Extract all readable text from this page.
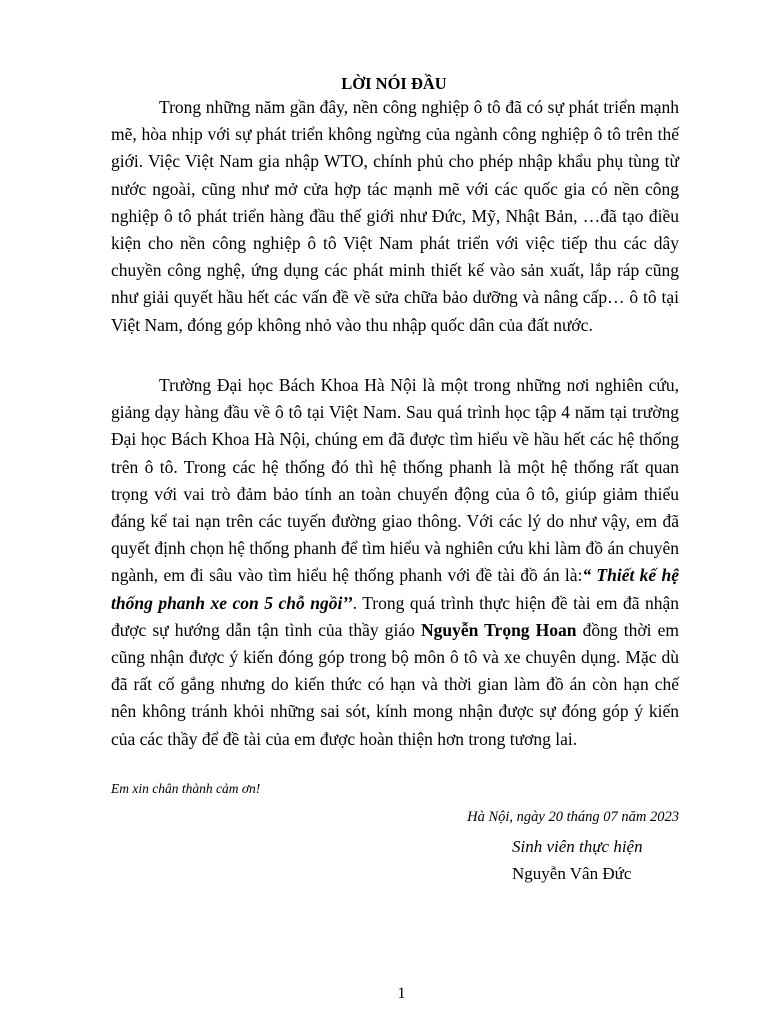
LỜI NÓI ĐẦU

Trong những năm gần đây, nền công nghiệp ô tô đã có sự phát triển mạnh mẽ, hòa nhịp với sự phát triển không ngừng của ngành công nghiệp ô tô trên thế giới. Việc Việt Nam gia nhập WTO, chính phủ cho phép nhập khẩu phụ tùng từ nước ngoài, cũng như mở cửa hợp tác mạnh mẽ với các quốc gia có nền công nghiệp ô tô phát triển hàng đầu thế giới như Đức, Mỹ, Nhật Bản, …đã tạo điều kiện cho nền công nghiệp ô tô Việt Nam phát triển với việc tiếp thu các dây chuyền công nghệ, ứng dụng các phát minh thiết kế vào sản xuất, lắp ráp cũng như giải quyết hầu hết các vấn đề về sửa chữa bảo dưỡng và nâng cấp… ô tô tại Việt Nam, đóng góp không nhỏ vào thu nhập quốc dân của đất nước.

Trường Đại học Bách Khoa Hà Nội là một trong những nơi nghiên cứu, giảng dạy hàng đầu về ô tô tại Việt Nam. Sau quá trình học tập 4 năm tại trường Đại học Bách Khoa Hà Nội, chúng em đã được tìm hiểu về hầu hết các hệ thống trên ô tô. Trong các hệ thống đó thì hệ thống phanh là một hệ thống rất quan trọng với vai trò đảm bảo tính an toàn chuyển động của ô tô, giúp giảm thiểu đáng kể tai nạn trên các tuyến đường giao thông. Với các lý do như vậy, em đã quyết định chọn hệ thống phanh để tìm hiểu và nghiên cứu khi làm đồ án chuyên ngành, em đi sâu vào tìm hiểu hệ thống phanh với đề tài đồ án là:“ Thiết kế hệ thống phanh xe con 5 chỗ ngồi’’. Trong quá trình thực hiện đề tài em đã nhận được sự hướng dẫn tận tình của thầy giáo Nguyễn Trọng Hoan đồng thời em cũng nhận được ý kiến đóng góp trong bộ môn ô tô và xe chuyên dụng. Mặc dù đã rất cố gắng nhưng do kiến thức có hạn và thời gian làm đồ án còn hạn chế nên không tránh khỏi những sai sót, kính mong nhận được sự đóng góp ý kiến của các thầy để đề tài của em được hoàn thiện hơn trong tương lai.

Em xin chân thành cảm ơn!

Hà Nội, ngày 20 tháng 07 năm 2023

Sinh viên thực hiện

Nguyễn Vân Đức

1
